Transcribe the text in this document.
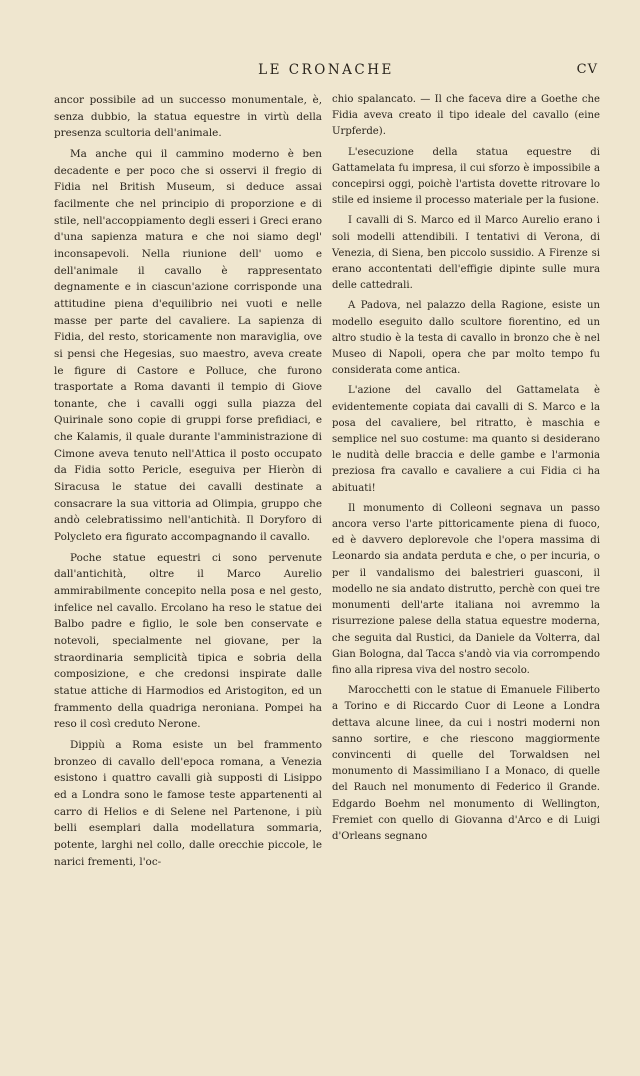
LE CRONACHE	CV

ancor possibile ad un successo monumentale, è, senza dubbio, la statua equestre in virtù della presenza scultoria dell'animale.

Ma anche qui il cammino moderno è ben decadente e per poco che si osservi il fregio di Fidia nel British Museum, si deduce assai facilmente che nel principio di proporzione e di stile, nell'accoppiamento degli esseri i Greci erano d'una sapienza matura e che noi siamo degl' inconsapevoli. Nella riunione dell' uomo e dell'animale il cavallo è rappresentato degnamente e in ciascun'azione corrisponde una attitudine piena d'equilibrio nei vuoti e nelle masse per parte del cavaliere. La sapienza di Fidia, del resto, storicamente non maraviglia, ove si pensi che Hegesias, suo maestro, aveva create le figure di Castore e Polluce, che furono trasportate a Roma davanti il tempio di Giove tonante, che i cavalli oggi sulla piazza del Quirinale sono copie di gruppi forse prefidiaci, e che Kalamis, il quale durante l'amministrazione di Cimone aveva tenuto nell'Attica il posto occupato da Fidia sotto Pericle, eseguiva per Hieròn di Siracusa le statue dei cavalli destinate a consacrare la sua vittoria ad Olimpia, gruppo che andò celebratissimo nell'antichità. Il Doryforo di Polycleto era figurato accompagnando il cavallo.

Poche statue equestri ci sono pervenute dall'antichità, oltre il Marco Aurelio ammirabilmente concepito nella posa e nel gesto, infelice nel cavallo. Ercolano ha reso le statue dei Balbo padre e figlio, le sole ben conservate e notevoli, specialmente nel giovane, per la straordinaria semplicità tipica e sobria della composizione, e che credonsi inspirate dalle statue attiche di Harmodios ed Aristogiton, ed un frammento della quadriga neroniana. Pompei ha reso il così creduto Nerone.

Dippiù a Roma esiste un bel frammento bronzeo di cavallo dell'epoca romana, a Venezia esistono i quattro cavalli già supposti di Lisippo ed a Londra sono le famose teste appartenenti al carro di Helios e di Selene nel Partenone, i più belli esemplari dalla modellatura sommaria, potente, larghi nel collo, dalle orecchie piccole, le narici frementi, l'oc-

chio spalancato. — Il che faceva dire a Goethe che Fidia aveva creato il tipo ideale del cavallo (eine Urpferde).

L'esecuzione della statua equestre di Gattamelata fu impresa, il cui sforzo è impossibile a concepirsi oggi, poichè l'artista dovette ritrovare lo stile ed insieme il processo materiale per la fusione.

I cavalli di S. Marco ed il Marco Aurelio erano i soli modelli attendibili. I tentativi di Verona, di Venezia, di Siena, ben piccolo sussidio. A Firenze si erano accontentati dell'effigie dipinte sulle mura delle cattedrali.

A Padova, nel palazzo della Ragione, esiste un modello eseguito dallo scultore fiorentino, ed un altro studio è la testa di cavallo in bronzo che è nel Museo di Napoli, opera che par molto tempo fu considerata come antica.

L'azione del cavallo del Gattamelata è evidentemente copiata dai cavalli di S. Marco e la posa del cavaliere, bel ritratto, è maschia e semplice nel suo costume: ma quanto si desiderano le nudità delle braccia e delle gambe e l'armonia preziosa fra cavallo e cavaliere a cui Fidia ci ha abituati!

Il monumento di Colleoni segnava un passo ancora verso l'arte pittoricamente piena di fuoco, ed è davvero deplorevole che l'opera massima di Leonardo sia andata perduta e che, o per incuria, o per il vandalismo dei balestrieri guasconi, il modello ne sia andato distrutto, perchè con quei tre monumenti dell'arte italiana noi avremmo la risurrezione palese della statua equestre moderna, che seguita dal Rustici, da Daniele da Volterra, dal Gian Bologna, dal Tacca s'andò via via corrompendo fino alla ripresa viva del nostro secolo.

Marocchetti con le statue di Emanuele Filiberto a Torino e di Riccardo Cuor di Leone a Londra dettava alcune linee, da cui i nostri moderni non sanno sortire, e che riescono maggiormente convincenti di quelle del Torwaldsen nel monumento di Massimiliano I a Monaco, di quelle del Rauch nel monumento di Federico il Grande. Edgardo Boehm nel monumento di Wellington, Fremiet con quello di Giovanna d'Arco e di Luigi d'Orleans segnano
